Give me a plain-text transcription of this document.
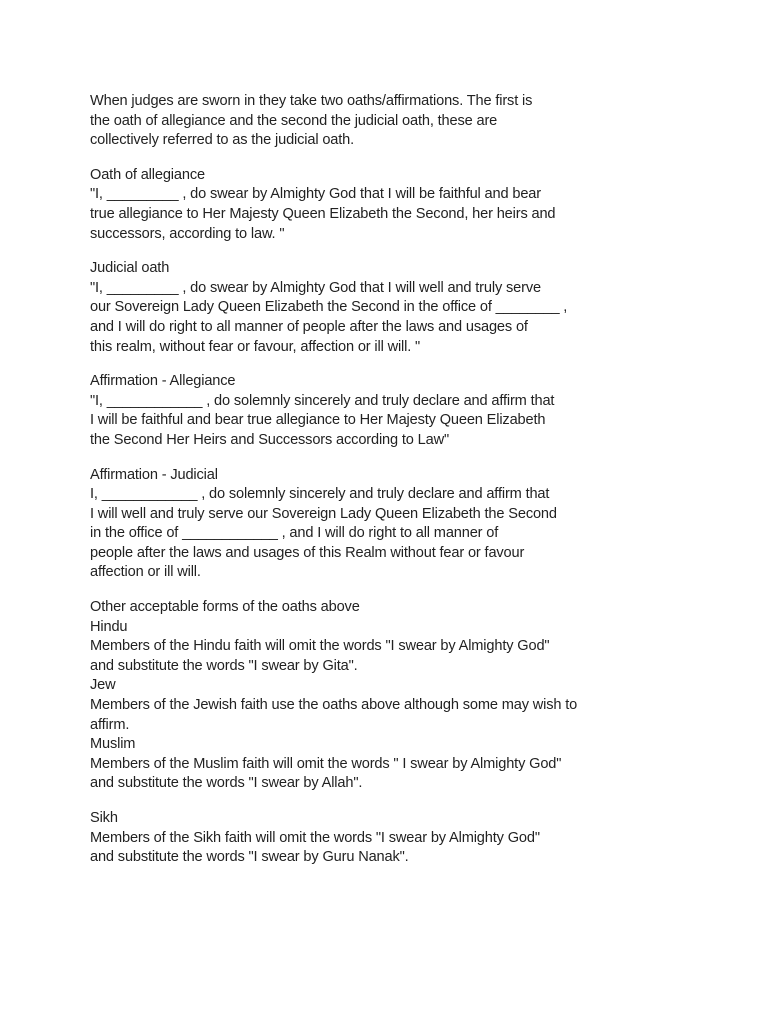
When judges are sworn in they take two oaths/affirmations. The first is
the oath of allegiance and the second the judicial oath, these are
collectively referred to as the judicial oath.
Oath of allegiance
"I, _________ , do swear by Almighty God that I will be faithful and bear
true allegiance to Her Majesty Queen Elizabeth the Second, her heirs and
successors, according to law. "
Judicial oath
"I, _________ , do swear by Almighty God that I will well and truly serve
our Sovereign Lady Queen Elizabeth the Second in the office of ________ ,
and I will do right to all manner of people after the laws and usages of
this realm, without fear or favour, affection or ill will. "
Affirmation - Allegiance
"I, ____________ , do solemnly sincerely and truly declare and affirm that
I will be faithful and bear true allegiance to Her Majesty Queen Elizabeth
the Second Her Heirs and Successors according to Law"
Affirmation - Judicial
I, ____________ , do solemnly sincerely and truly declare and affirm that
I will well and truly serve our Sovereign Lady Queen Elizabeth the Second
in the office of ____________ , and I will do right to all manner of
people after the laws and usages of this Realm without fear or favour
affection or ill will.
Other acceptable forms of the oaths above
Hindu
Members of the Hindu faith will omit the words "I swear by Almighty God"
and substitute the words "I swear by Gita".
Jew
Members of the Jewish faith use the oaths above although some may wish to
affirm.
Muslim
Members of the Muslim faith will omit the words " I swear by Almighty God"
and substitute the words "I swear by Allah".
Sikh
Members of the Sikh faith will omit the words "I swear by Almighty God"
and substitute the words "I swear by Guru Nanak".
